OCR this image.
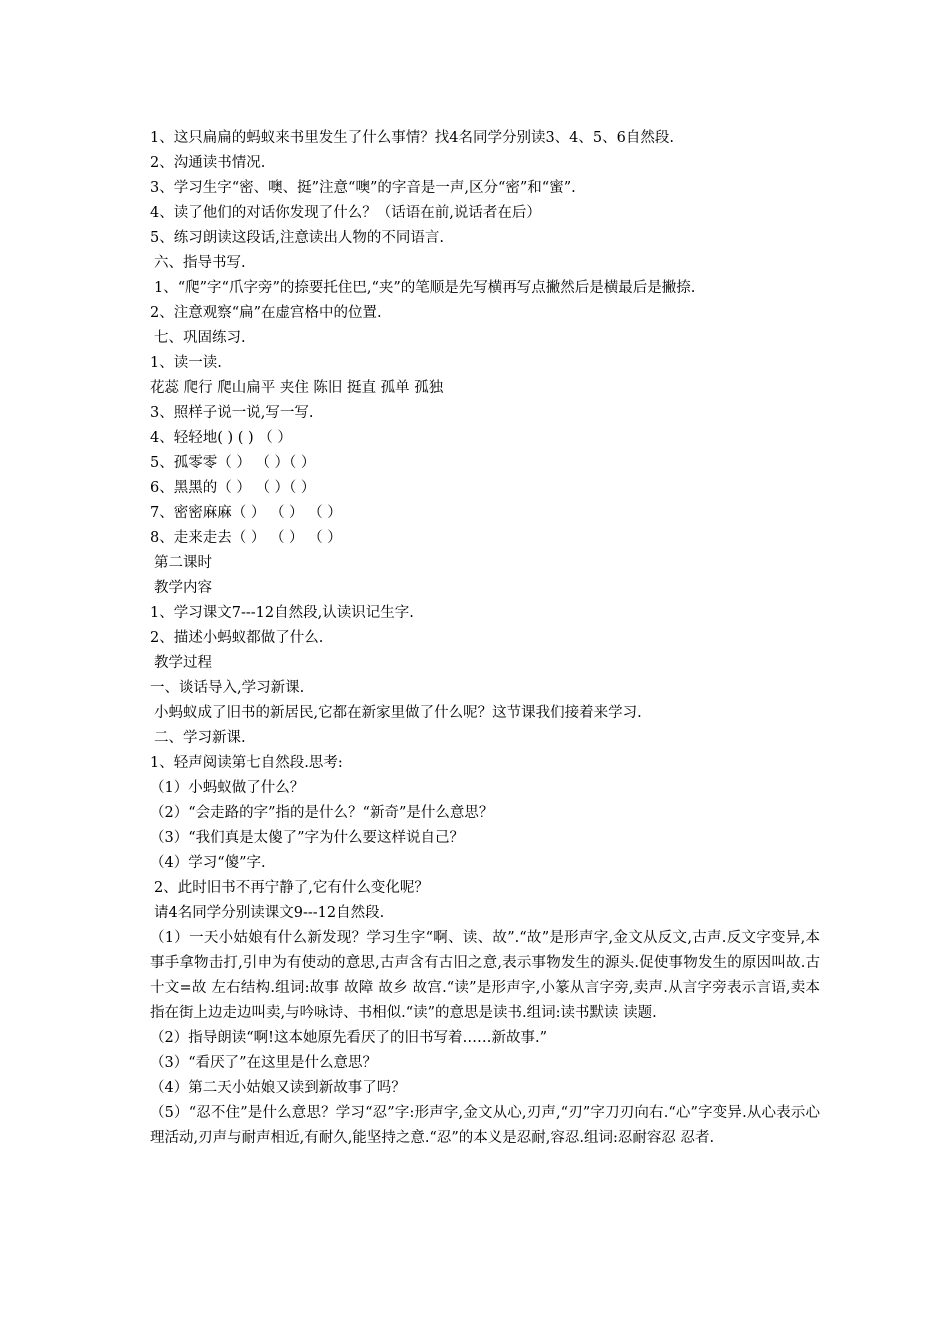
1、这只扁扁的蚂蚁来书里发生了什么事情？找4名同学分别读3、4、5、6自然段.
2、沟通读书情况.
3、学习生字“密、噢、挺”注意“噢”的字音是一声,区分“密”和“蜜”.
4、读了他们的对话你发现了什么？（话语在前,说话者在后）
5、练习朗读这段话,注意读出人物的不同语言.
六、指导书写.
1、“爬”字“爪字旁”的捺要托住巴,“夹”的笔顺是先写横再写点撇然后是横最后是撇捺.
2、注意观察“扁”在虚宫格中的位置.
七、巩固练习.
1、读一读.
花蕊 爬行 爬山扁平 夹住 陈旧 挺直 孤单 孤独
3、照样子说一说,写一写.
4、轻轻地( ) ( ) （ ）
5、孤零零（ ） （ ）（ ）
6、黑黑的（ ） （ ）（ ）
7、密密麻麻（ ） （ ） （ ）
8、走来走去（ ） （ ） （ ）
第二课时
教学内容
1、学习课文7---12自然段,认读识记生字.
2、描述小蚂蚁都做了什么.
教学过程
一、谈话导入,学习新课.
小蚂蚁成了旧书的新居民,它都在新家里做了什么呢？这节课我们接着来学习.
二、学习新课.
1、轻声阅读第七自然段.思考:
（1）小蚂蚁做了什么？
（2）“会走路的字”指的是什么？“新奇”是什么意思？
（3）“我们真是太傻了”字为什么要这样说自己？
（4）学习“傻”字.
2、此时旧书不再宁静了,它有什么变化呢？
请4名同学分别读课文9---12自然段.
（1）一天小姑娘有什么新发现？学习生字“啊、读、故”.“故”是形声字,金文从反文,古声.反文字变异,本事手拿物击打,引申为有使动的意思,古声含有古旧之意,表示事物发生的源头.促使事物发生的原因叫故.古十文=故 左右结构.组词:故事 故障 故乡 故宫.“读”是形声字,小篆从言字旁,卖声.从言字旁表示言语,卖本指在街上边走边叫卖,与吟咏诗、书相似.“读”的意思是读书.组词:读书默读 读题.
（2）指导朗读“啊!这本她原先看厌了的旧书写着……新故事.”
（3）“看厌了”在这里是什么意思？
（4）第二天小姑娘又读到新故事了吗？
（5）“忍不住”是什么意思？学习“忍”字:形声字,金文从心,刃声,“刃”字刀刃向右.“心”字变异.从心表示心理活动,刃声与耐声相近,有耐久,能坚持之意.“忍”的本义是忍耐,容忍.组词:忍耐容忍 忍者.
